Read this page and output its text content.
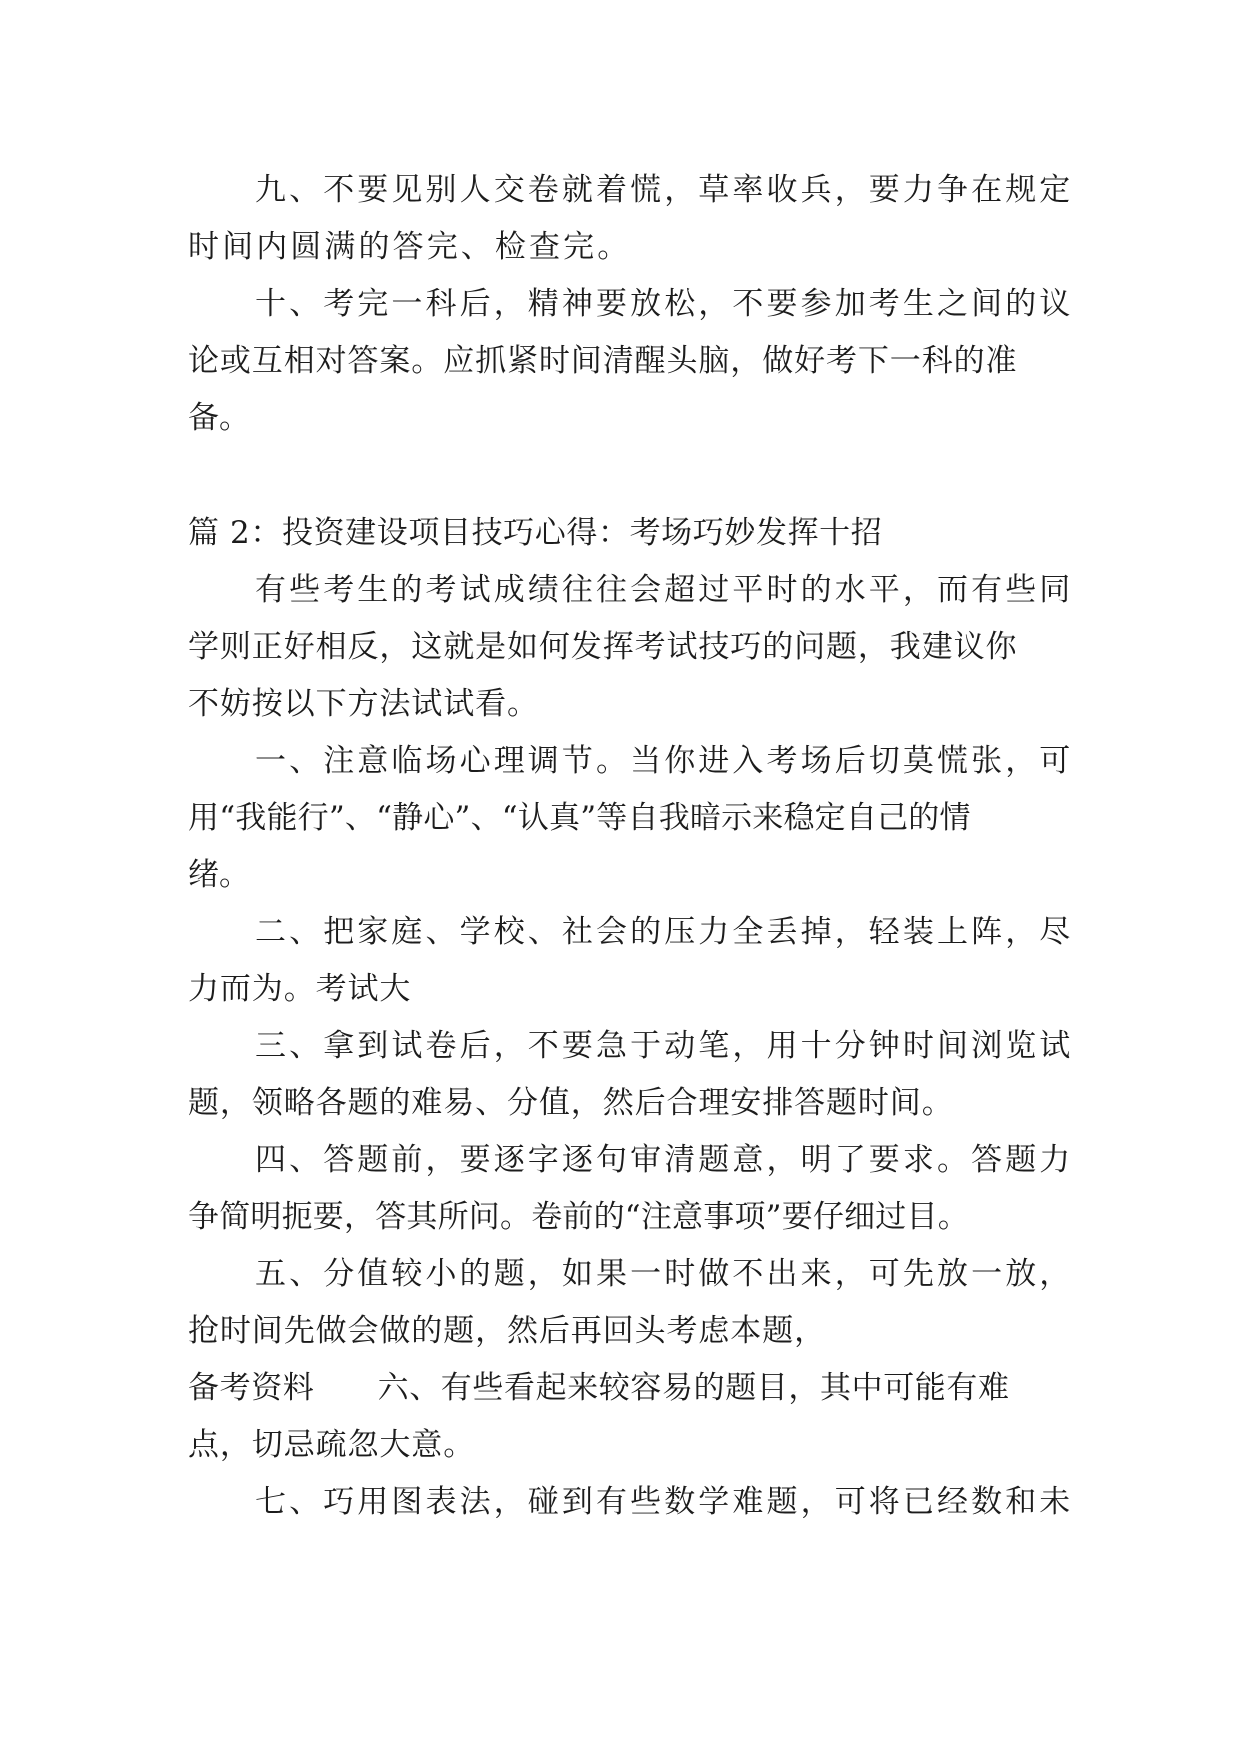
九、不要见别人交卷就着慌，草率收兵，要力争在规定

时间内圆满的答完、检查完。

十、考完一科后，精神要放松，不要参加考生之间的议

论或互相对答案。应抓紧时间清醒头脑，做好考下一科的准

备。

篇 2：投资建设项目技巧心得：考场巧妙发挥十招

有些考生的考试成绩往往会超过平时的水平，而有些同

学则正好相反，这就是如何发挥考试技巧的问题，我建议你

不妨按以下方法试试看。

一、注意临场心理调节。当你进入考场后切莫慌张，可

用“我能行”、“静心”、“认真”等自我暗示来稳定自己的情

绪。

二、把家庭、学校、社会的压力全丢掉，轻装上阵，尽

力而为。考试大

三、拿到试卷后，不要急于动笔，用十分钟时间浏览试

题，领略各题的难易、分值，然后合理安排答题时间。

四、答题前，要逐字逐句审清题意，明了要求。答题力

争简明扼要，答其所问。卷前的“注意事项”要仔细过目。

五、分值较小的题，如果一时做不出来，可先放一放，

抢时间先做会做的题，然后再回头考虑本题，

备考资料　　六、有些看起来较容易的题目，其中可能有难

点，切忌疏忽大意。

七、巧用图表法，碰到有些数学难题，可将已经数和未
